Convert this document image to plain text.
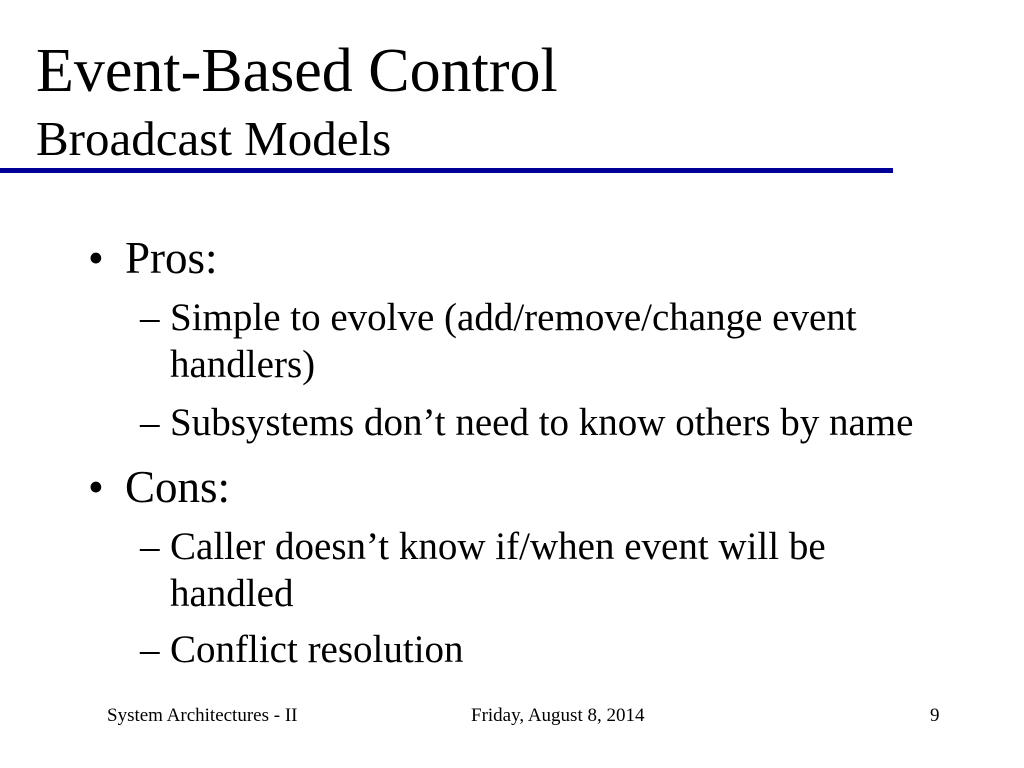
Event-Based Control
Broadcast Models
• Pros:
– Simple to evolve (add/remove/change event handlers)
– Subsystems don’t need to know others by name
• Cons:
– Caller doesn’t know if/when event will be handled
– Conflict resolution
System Architectures - II	Friday, August 8, 2014	9
